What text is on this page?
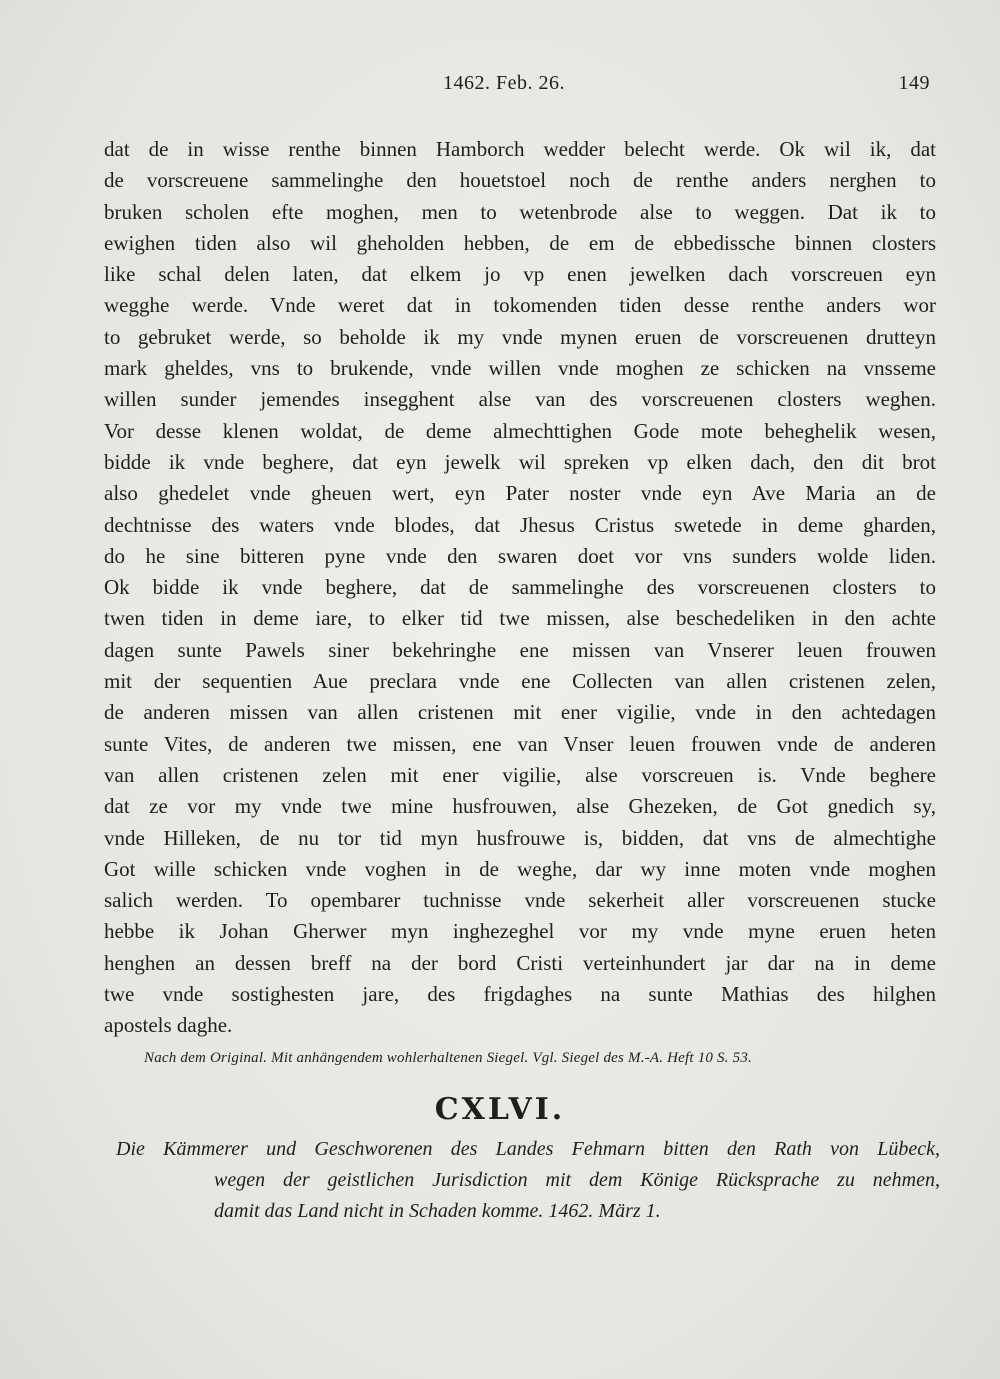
1462. Feb. 26.	149
dat de in wisse renthe binnen Hamborch wedder belecht werde. Ok wil ik, dat
de vorscreuene sammelinghe den houetstoel noch de renthe anders nerghen to
bruken scholen efte moghen, men to wetenbrode alse to weggen. Dat ik to
ewighen tiden also wil gheholden hebben, de em de ebbedissche binnen closters
like schal delen laten, dat elkem jo vp enen jewelken dach vorscreuen eyn
wegghe werde. Vnde weret dat in tokomenden tiden desse renthe anders wor
to gebruket werde, so beholde ik my vnde mynen eruen de vorscreuenen drutteyn
mark gheldes, vns to brukende, vnde willen vnde moghen ze schicken na vnsseme
willen sunder jemendes insegghent alse van des vorscreuenen closters weghen.
Vor desse klenen woldat, de deme almechttighen Gode mote beheghelik wesen,
bidde ik vnde beghere, dat eyn jewelk wil spreken vp elken dach, den dit brot
also ghedelet vnde gheuen wert, eyn Pater noster vnde eyn Ave Maria an de
dechtnisse des waters vnde blodes, dat Jhesus Cristus swetede in deme gharden,
do he sine bitteren pyne vnde den swaren doet vor vns sunders wolde liden.
Ok bidde ik vnde beghere, dat de sammelinghe des vorscreuenen closters to
twen tiden in deme iare, to elker tid twe missen, alse beschedeliken in den achte
dagen sunte Pawels siner bekehringhe ene missen van Vnserer leuen frouwen
mit der sequentien Aue preclara vnde ene Collecten van allen cristenen zelen,
de anderen missen van allen cristenen mit ener vigilie, vnde in den achtedagen
sunte Vites, de anderen twe missen, ene van Vnser leuen frouwen vnde de anderen
van allen cristenen zelen mit ener vigilie, alse vorscreuen is. Vnde beghere
dat ze vor my vnde twe mine husfrouwen, alse Ghezeken, de Got gnedich sy,
vnde Hilleken, de nu tor tid myn husfrouwe is, bidden, dat vns de almechtighe
Got wille schicken vnde voghen in de weghe, dar wy inne moten vnde moghen
salich werden. To opembarer tuchnisse vnde sekerheit aller vorscreuenen stucke
hebbe ik Johan Gherwer myn inghezeghel vor my vnde myne eruen heten
henghen an dessen breff na der bord Cristi verteinhundert jar dar na in deme
twe vnde sostighesten jare, des frigdaghes na sunte Mathias des hilghen
apostels daghe.
Nach dem Original. Mit anhängendem wohlerhaltenen Siegel. Vgl. Siegel des M.-A. Heft 10 S. 53.
CXLVI.
Die Kämmerer und Geschworenen des Landes Fehmarn bitten den Rath von Lübeck,
wegen der geistlichen Jurisdiction mit dem Könige Rücksprache zu nehmen,
damit das Land nicht in Schaden komme. 1462. März 1.
